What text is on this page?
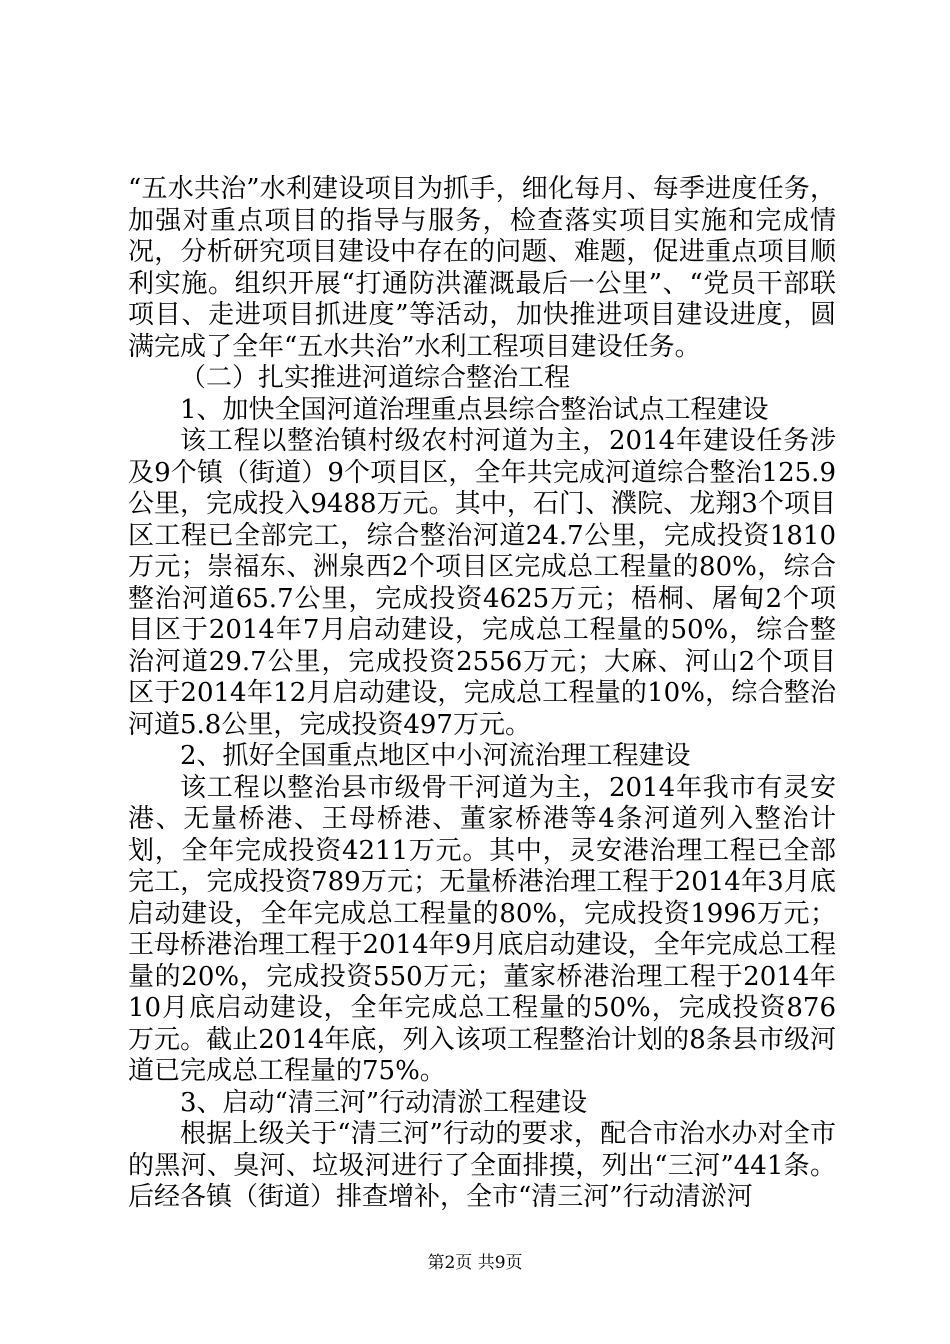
“五水共治”水利建设项目为抓手，细化每月、每季进度任务，加强对重点项目的指导与服务，检查落实项目实施和完成情况，分析研究项目建设中存在的问题、难题，促进重点项目顺利实施。组织开展“打通防洪灌溉最后一公里”、“党员干部联项目、走进项目抓进度”等活动，加快推进项目建设进度，圆满完成了全年“五水共治”水利工程项目建设任务。

（二）扎实推进河道综合整治工程

1、加快全国河道治理重点县综合整治试点工程建设

该工程以整治镇村级农村河道为主，2014年建设任务涉及9个镇（街道）9个项目区，全年共完成河道综合整治125.9公里，完成投入9488万元。其中，石门、濮院、龙翔3个项目区工程已全部完工，综合整治河道24.7公里，完成投资1810万元；崇福东、洲泉西2个项目区完成总工程量的80%，综合整治河道65.7公里，完成投资4625万元；梧桐、屠甸2个项目区于2014年7月启动建设，完成总工程量的50%，综合整治河道29.7公里，完成投资2556万元；大麻、河山2个项目区于2014年12月启动建设，完成总工程量的10%，综合整治河道5.8公里，完成投资497万元。

2、抓好全国重点地区中小河流治理工程建设

该工程以整治县市级骨干河道为主，2014年我市有灵安港、无量桥港、王母桥港、董家桥港等4条河道列入整治计划，全年完成投资4211万元。其中，灵安港治理工程已全部完工，完成投资789万元；无量桥港治理工程于2014年3月底启动建设，全年完成总工程量的80%，完成投资1996万元；王母桥港治理工程于2014年9月底启动建设，全年完成总工程量的20%，完成投资550万元；董家桥港治理工程于2014年10月底启动建设，全年完成总工程量的50%，完成投资876万元。截止2014年底，列入该项工程整治计划的8条县市级河道已完成总工程量的75%。

3、启动“清三河”行动清淤工程建设

根据上级关于“清三河”行动的要求，配合市治水办对全市的黑河、臭河、垃圾河进行了全面排摸，列出“三河”441条。后经各镇（街道）排查增补，全市“清三河”行动清淤河

第2页 共9页
